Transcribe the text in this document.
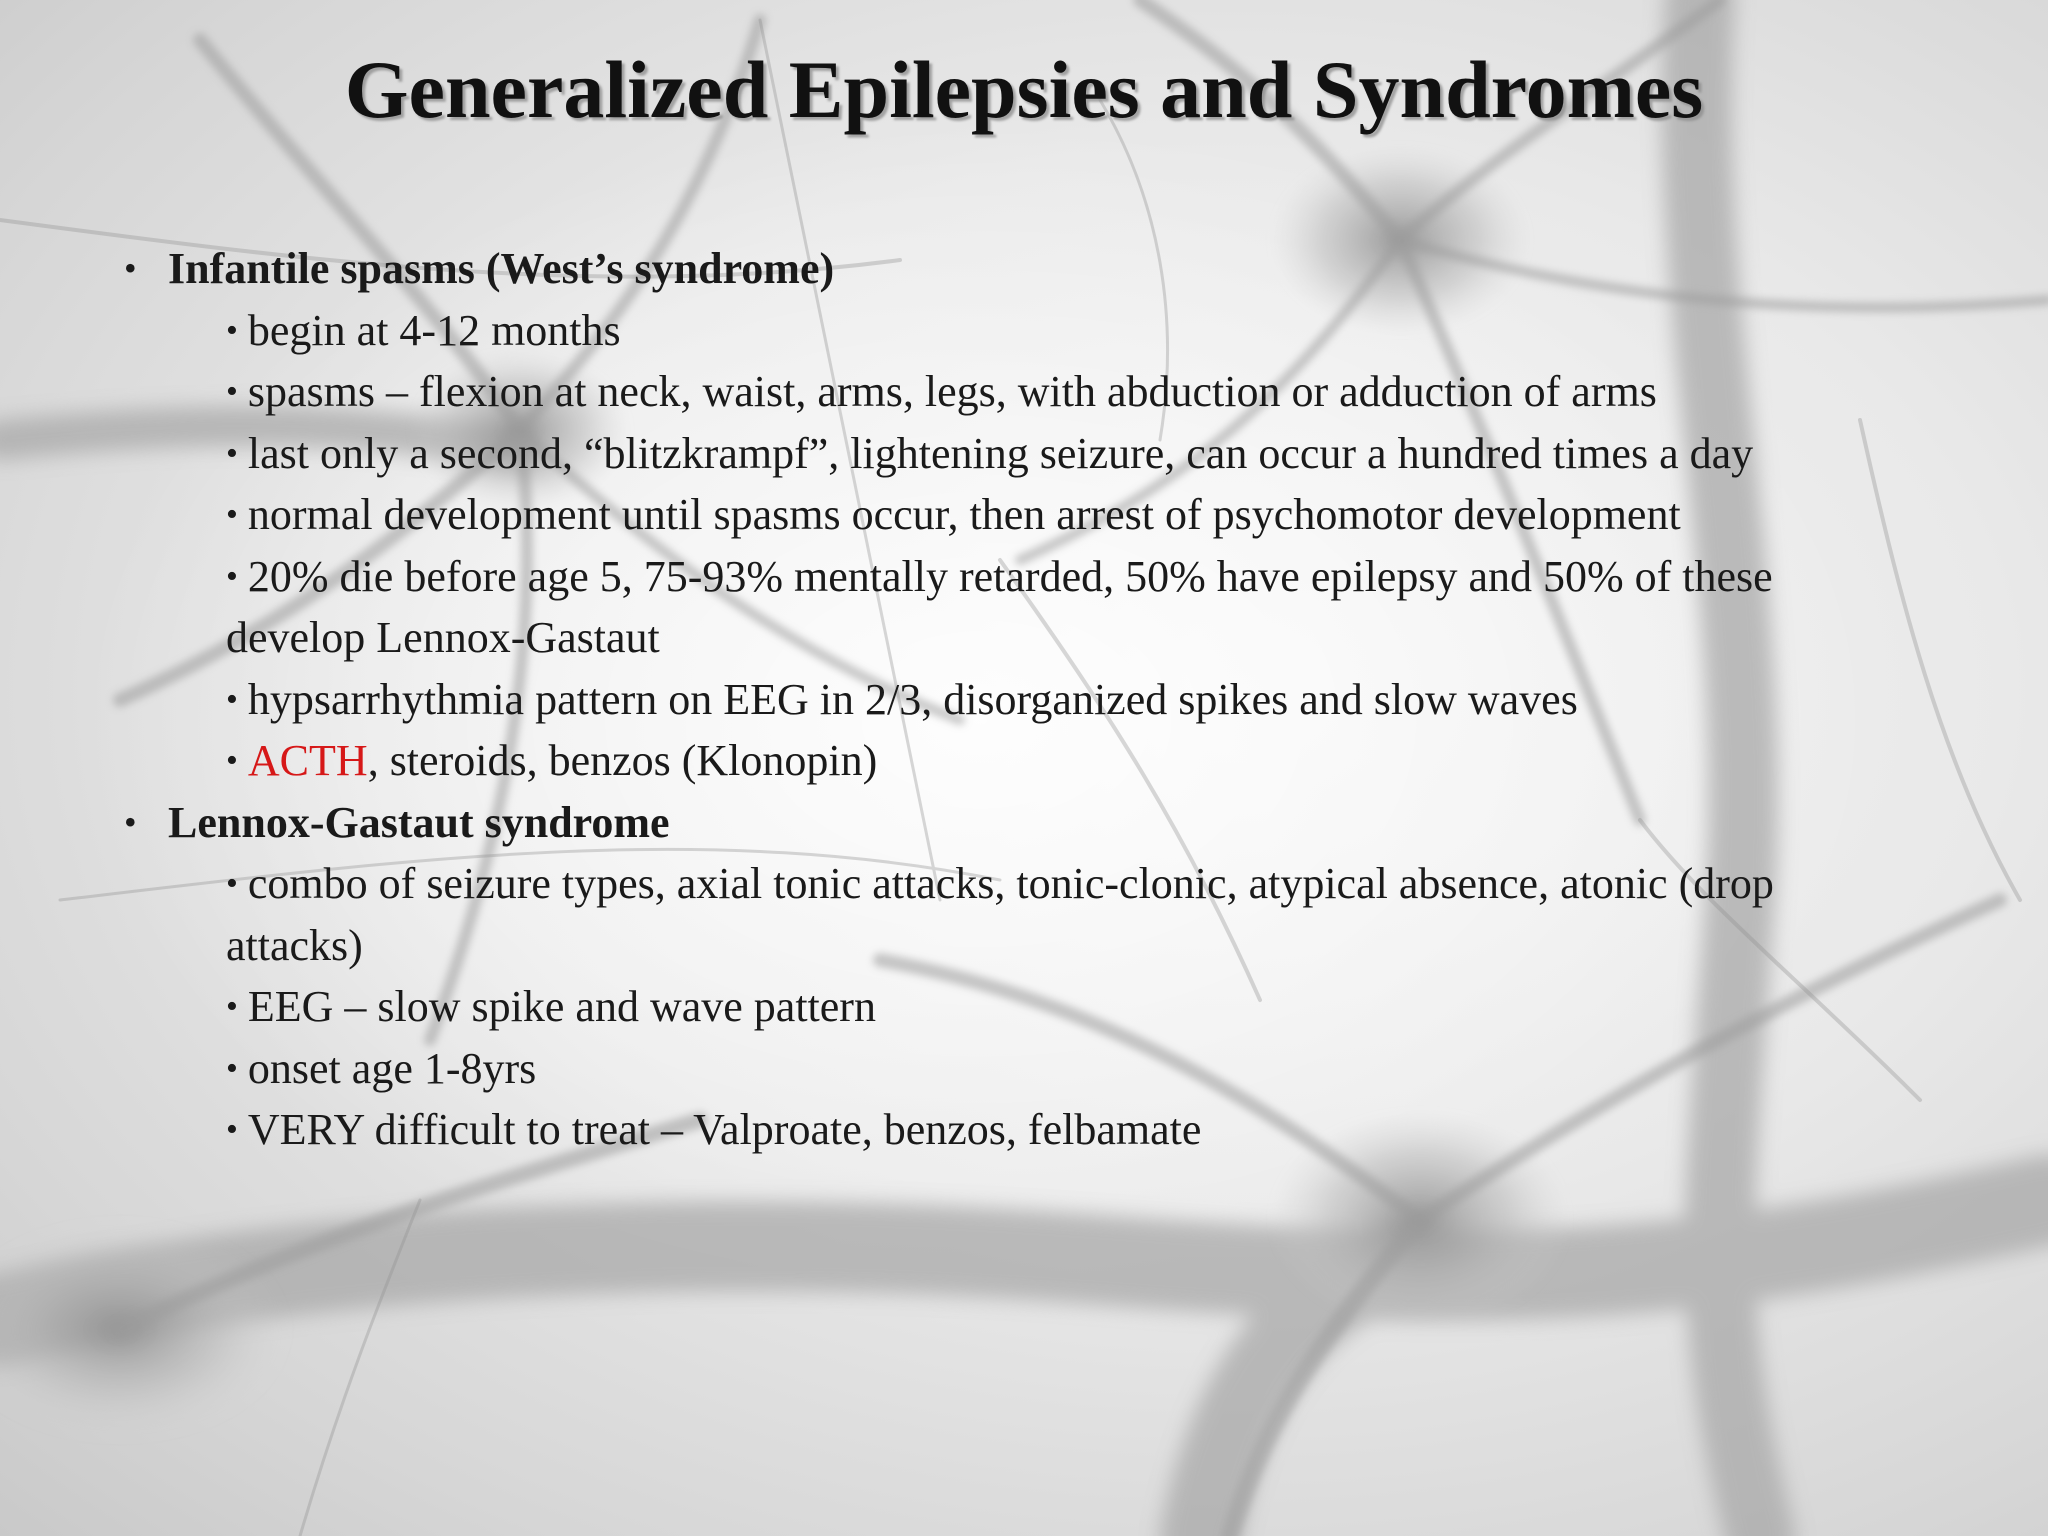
Generalized Epilepsies and Syndromes
• Infantile spasms (West’s syndrome)
• begin at 4-12 months
• spasms – flexion at neck, waist, arms, legs, with abduction or adduction of arms
• last only a second, “blitzkrampf”, lightening seizure, can occur a hundred times a day
• normal development until spasms occur, then arrest of psychomotor development
• 20% die before age 5, 75-93% mentally retarded, 50% have epilepsy and 50% of these develop Lennox-Gastaut
• hypsarrhythmia pattern on EEG in 2/3, disorganized spikes and slow waves
• ACTH, steroids, benzos (Klonopin)
• Lennox-Gastaut syndrome
• combo of seizure types, axial tonic attacks, tonic-clonic, atypical absence, atonic (drop attacks)
• EEG – slow spike and wave pattern
• onset age 1-8yrs
• VERY difficult to treat – Valproate, benzos, felbamate
